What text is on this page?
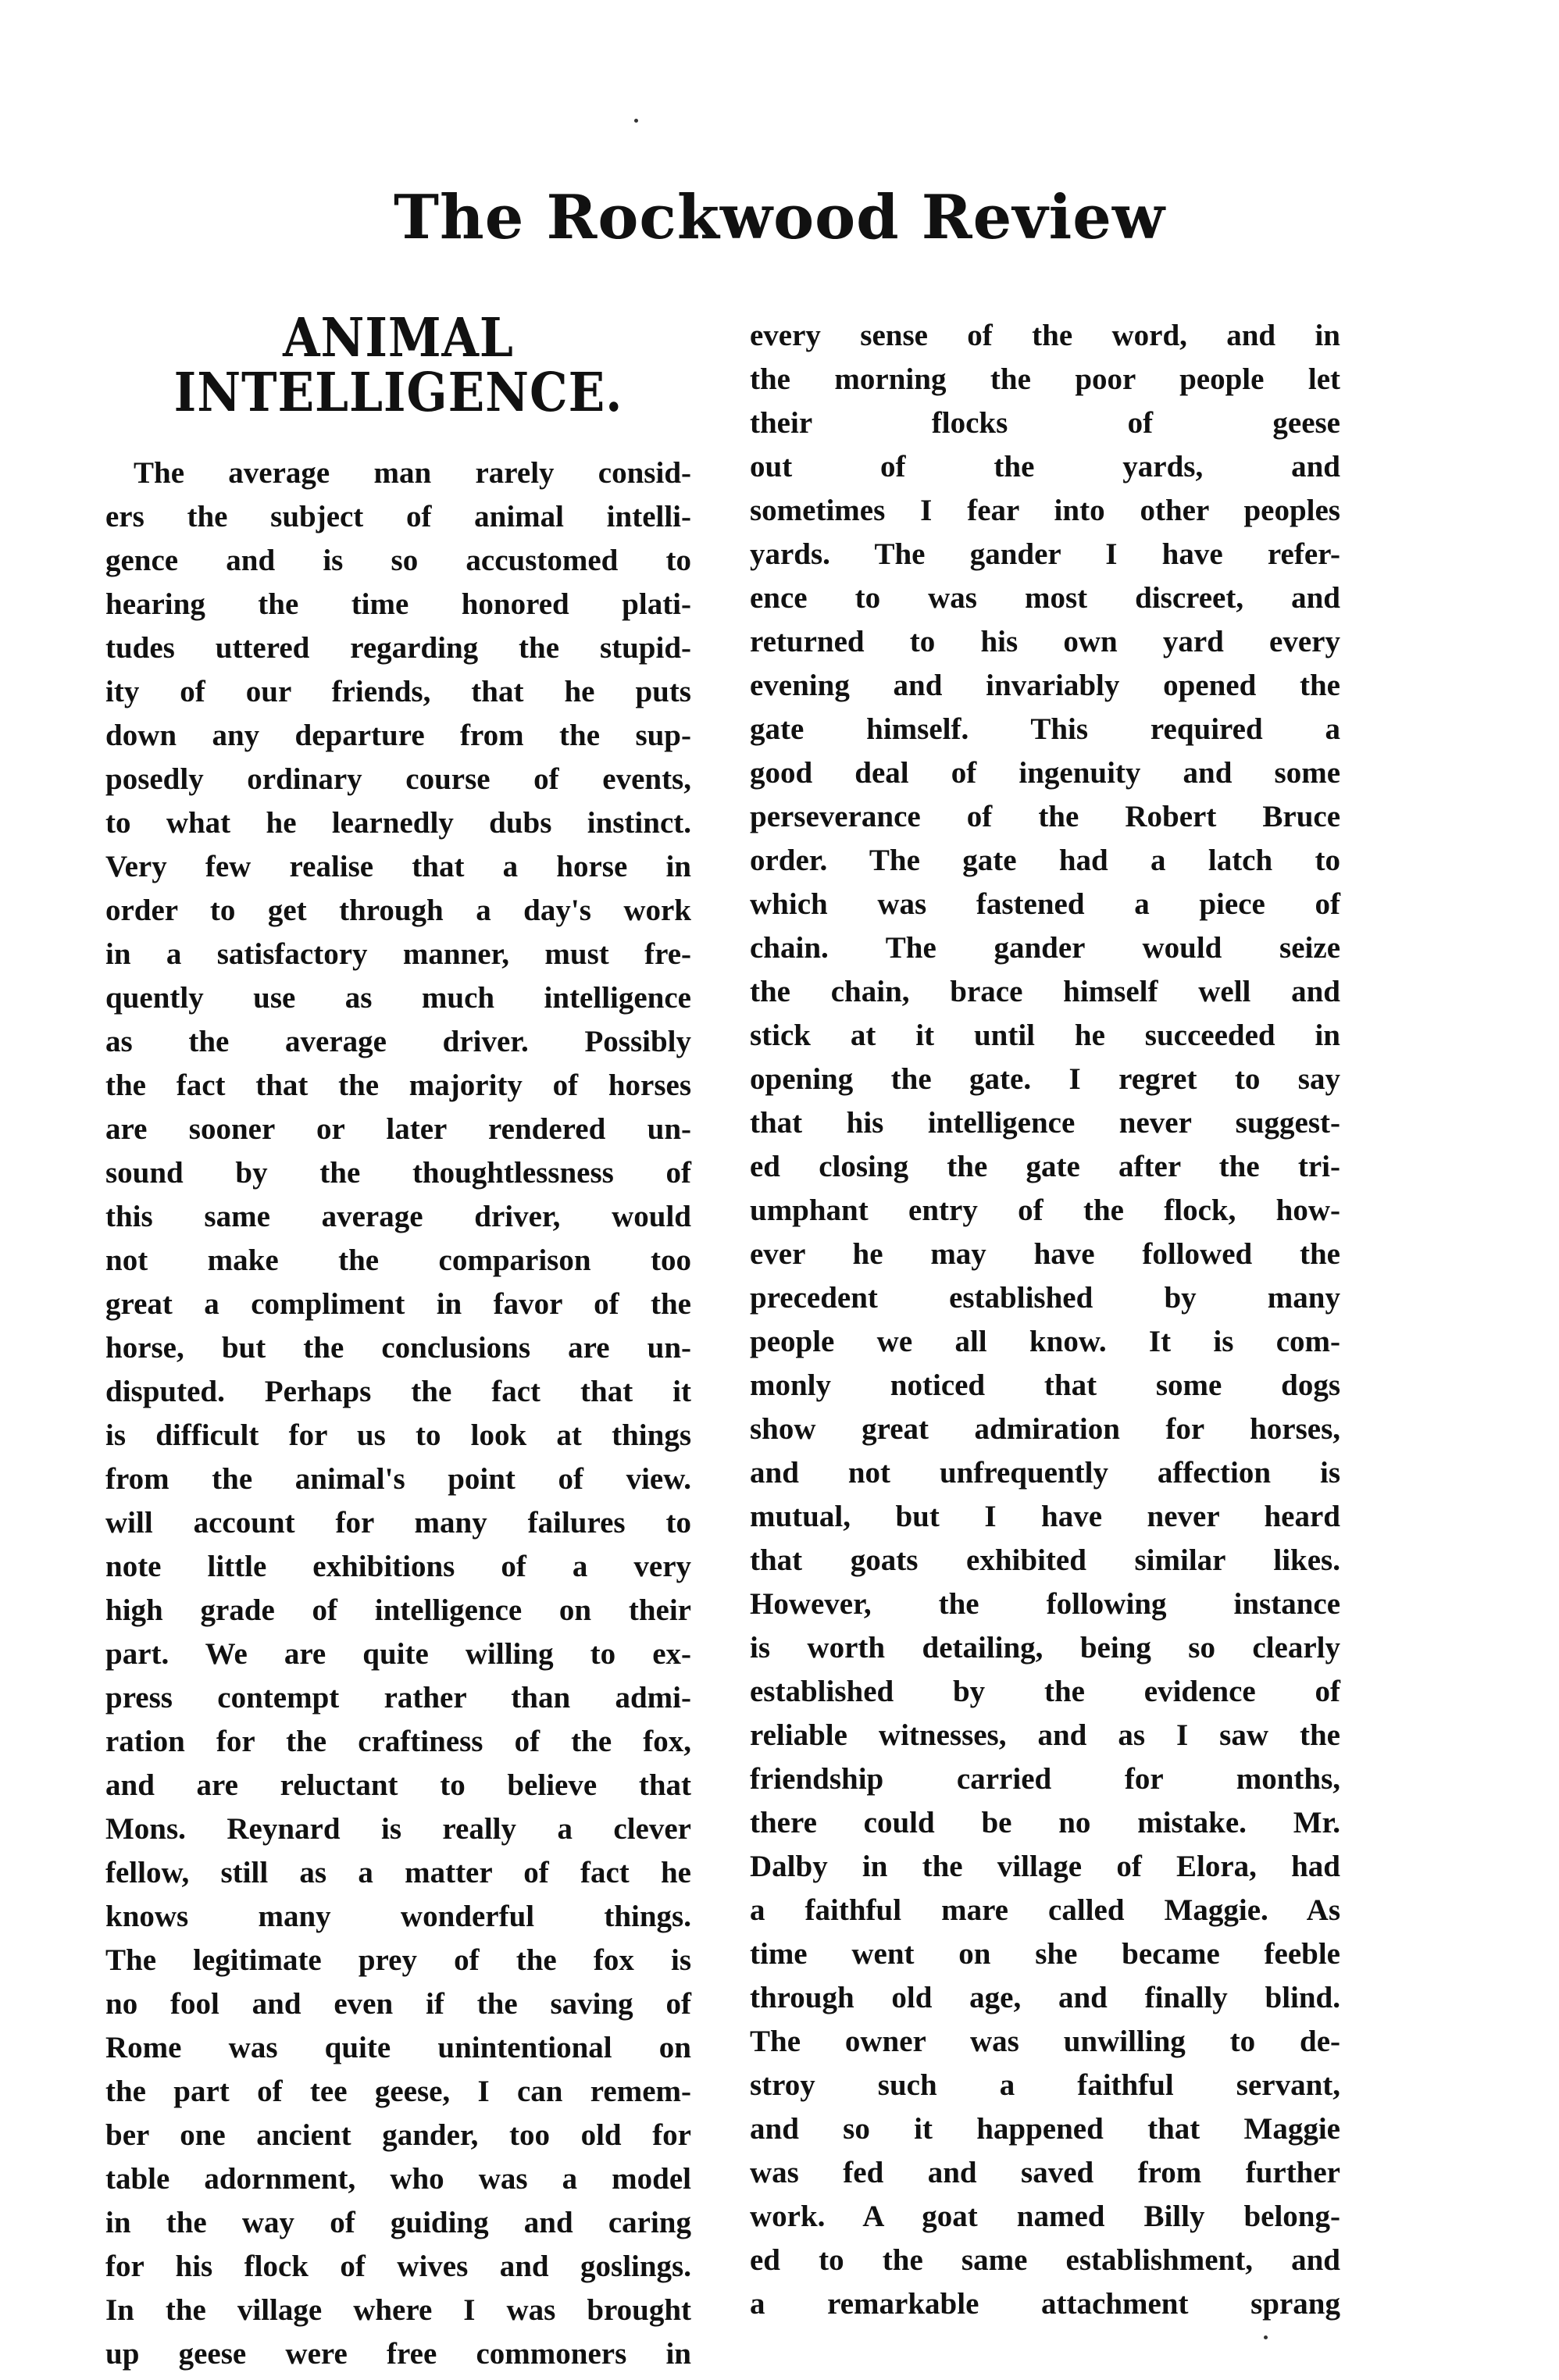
The Rockwood Review
ANIMAL INTELLIGENCE.
The average man rarely consid-
ers the subject of animal intelli-
gence and is so accustomed to
hearing the time honored plati-
tudes uttered regarding the stupid-
ity of our friends, that he puts
down any departure from the sup-
posedly ordinary course of events,
to what he learnedly dubs instinct.
Very few realise that a horse in
order to get through a day's work
in a satisfactory manner, must fre-
quently use as much intelligence
as the average driver. Possibly
the fact that the majority of horses
are sooner or later rendered un-
sound by the thoughtlessness of
this same average driver, would
not make the comparison too
great a compliment in favor of the
horse, but the conclusions are un-
disputed. Perhaps the fact that it
is difficult for us to look at things
from the animal's point of view.
will account for many failures to
note little exhibitions of a very
high grade of intelligence on their
part. We are quite willing to ex-
press contempt rather than admi-
ration for the craftiness of the fox,
and are reluctant to believe that
Mons. Reynard is really a clever
fellow, still as a matter of fact he
knows many wonderful things.
The legitimate prey of the fox is
no fool and even if the saving of
Rome was quite unintentional on
the part of tee geese, I can remem-
ber one ancient gander, too old for
table adornment, who was a model
in the way of guiding and caring
for his flock of wives and goslings.
In the village where I was brought
up geese were free commoners in
every sense of the word, and in
the morning the poor people let
their flocks of geese
out of the yards, and
sometimes I fear into other peoples
yards. The gander I have refer-
ence to was most discreet, and
returned to his own yard every
evening and invariably opened the
gate himself. This required a
good deal of ingenuity and some
perseverance of the Robert Bruce
order. The gate had a latch to
which was fastened a piece of
chain. The gander would seize
the chain, brace himself well and
stick at it until he succeeded in
opening the gate. I regret to say
that his intelligence never suggest-
ed closing the gate after the tri-
umphant entry of the flock, how-
ever he may have followed the
precedent established by many
people we all know. It is com-
monly noticed that some dogs
show great admiration for horses,
and not unfrequently affection is
mutual, but I have never heard
that goats exhibited similar likes.
However, the following instance
is worth detailing, being so clearly
established by the evidence of
reliable witnesses, and as I saw the
friendship carried for months,
there could be no mistake. Mr.
Dalby in the village of Elora, had
a faithful mare called Maggie. As
time went on she became feeble
through old age, and finally blind.
The owner was unwilling to de-
stroy such a faithful servant,
and so it happened that Maggie
was fed and saved from further
work. A goat named Billy belong-
ed to the same establishment, and
a remarkable attachment sprang
